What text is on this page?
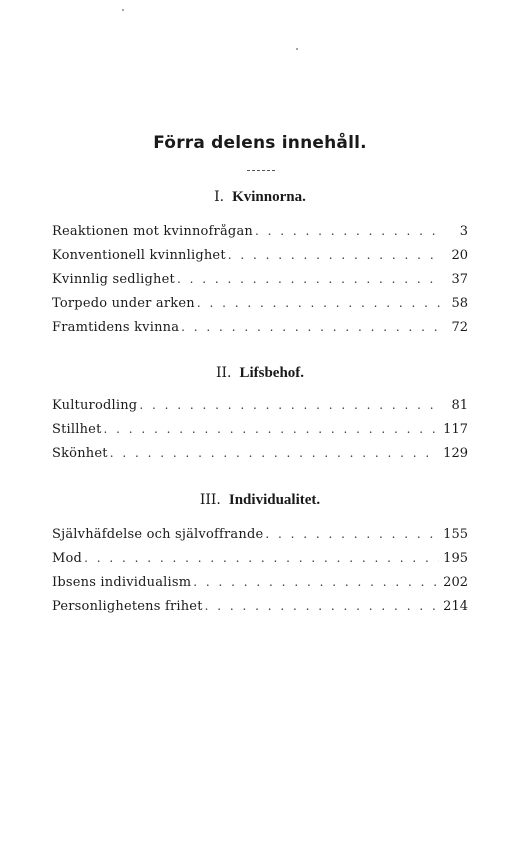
Förra delens innehåll.
I. Kvinnorna.
Reaktionen mot kvinnofrågan . . .	3
Konventionell kvinnlighet . . .	20
Kvinnlig sedlighet . . .	37
Torpedo under arken . . .	58
Framtidens kvinna . . .	72
II. Lifsbehof.
Kulturodling . . .	81
Stillhet . . .	117
Skönhet . . .	129
III. Individualitet.
Självhäfdelse och självoffrande . . .	155
Mod . . .	195
Ibsens individualism . . .	202
Personlighetens frihet . . .	214
